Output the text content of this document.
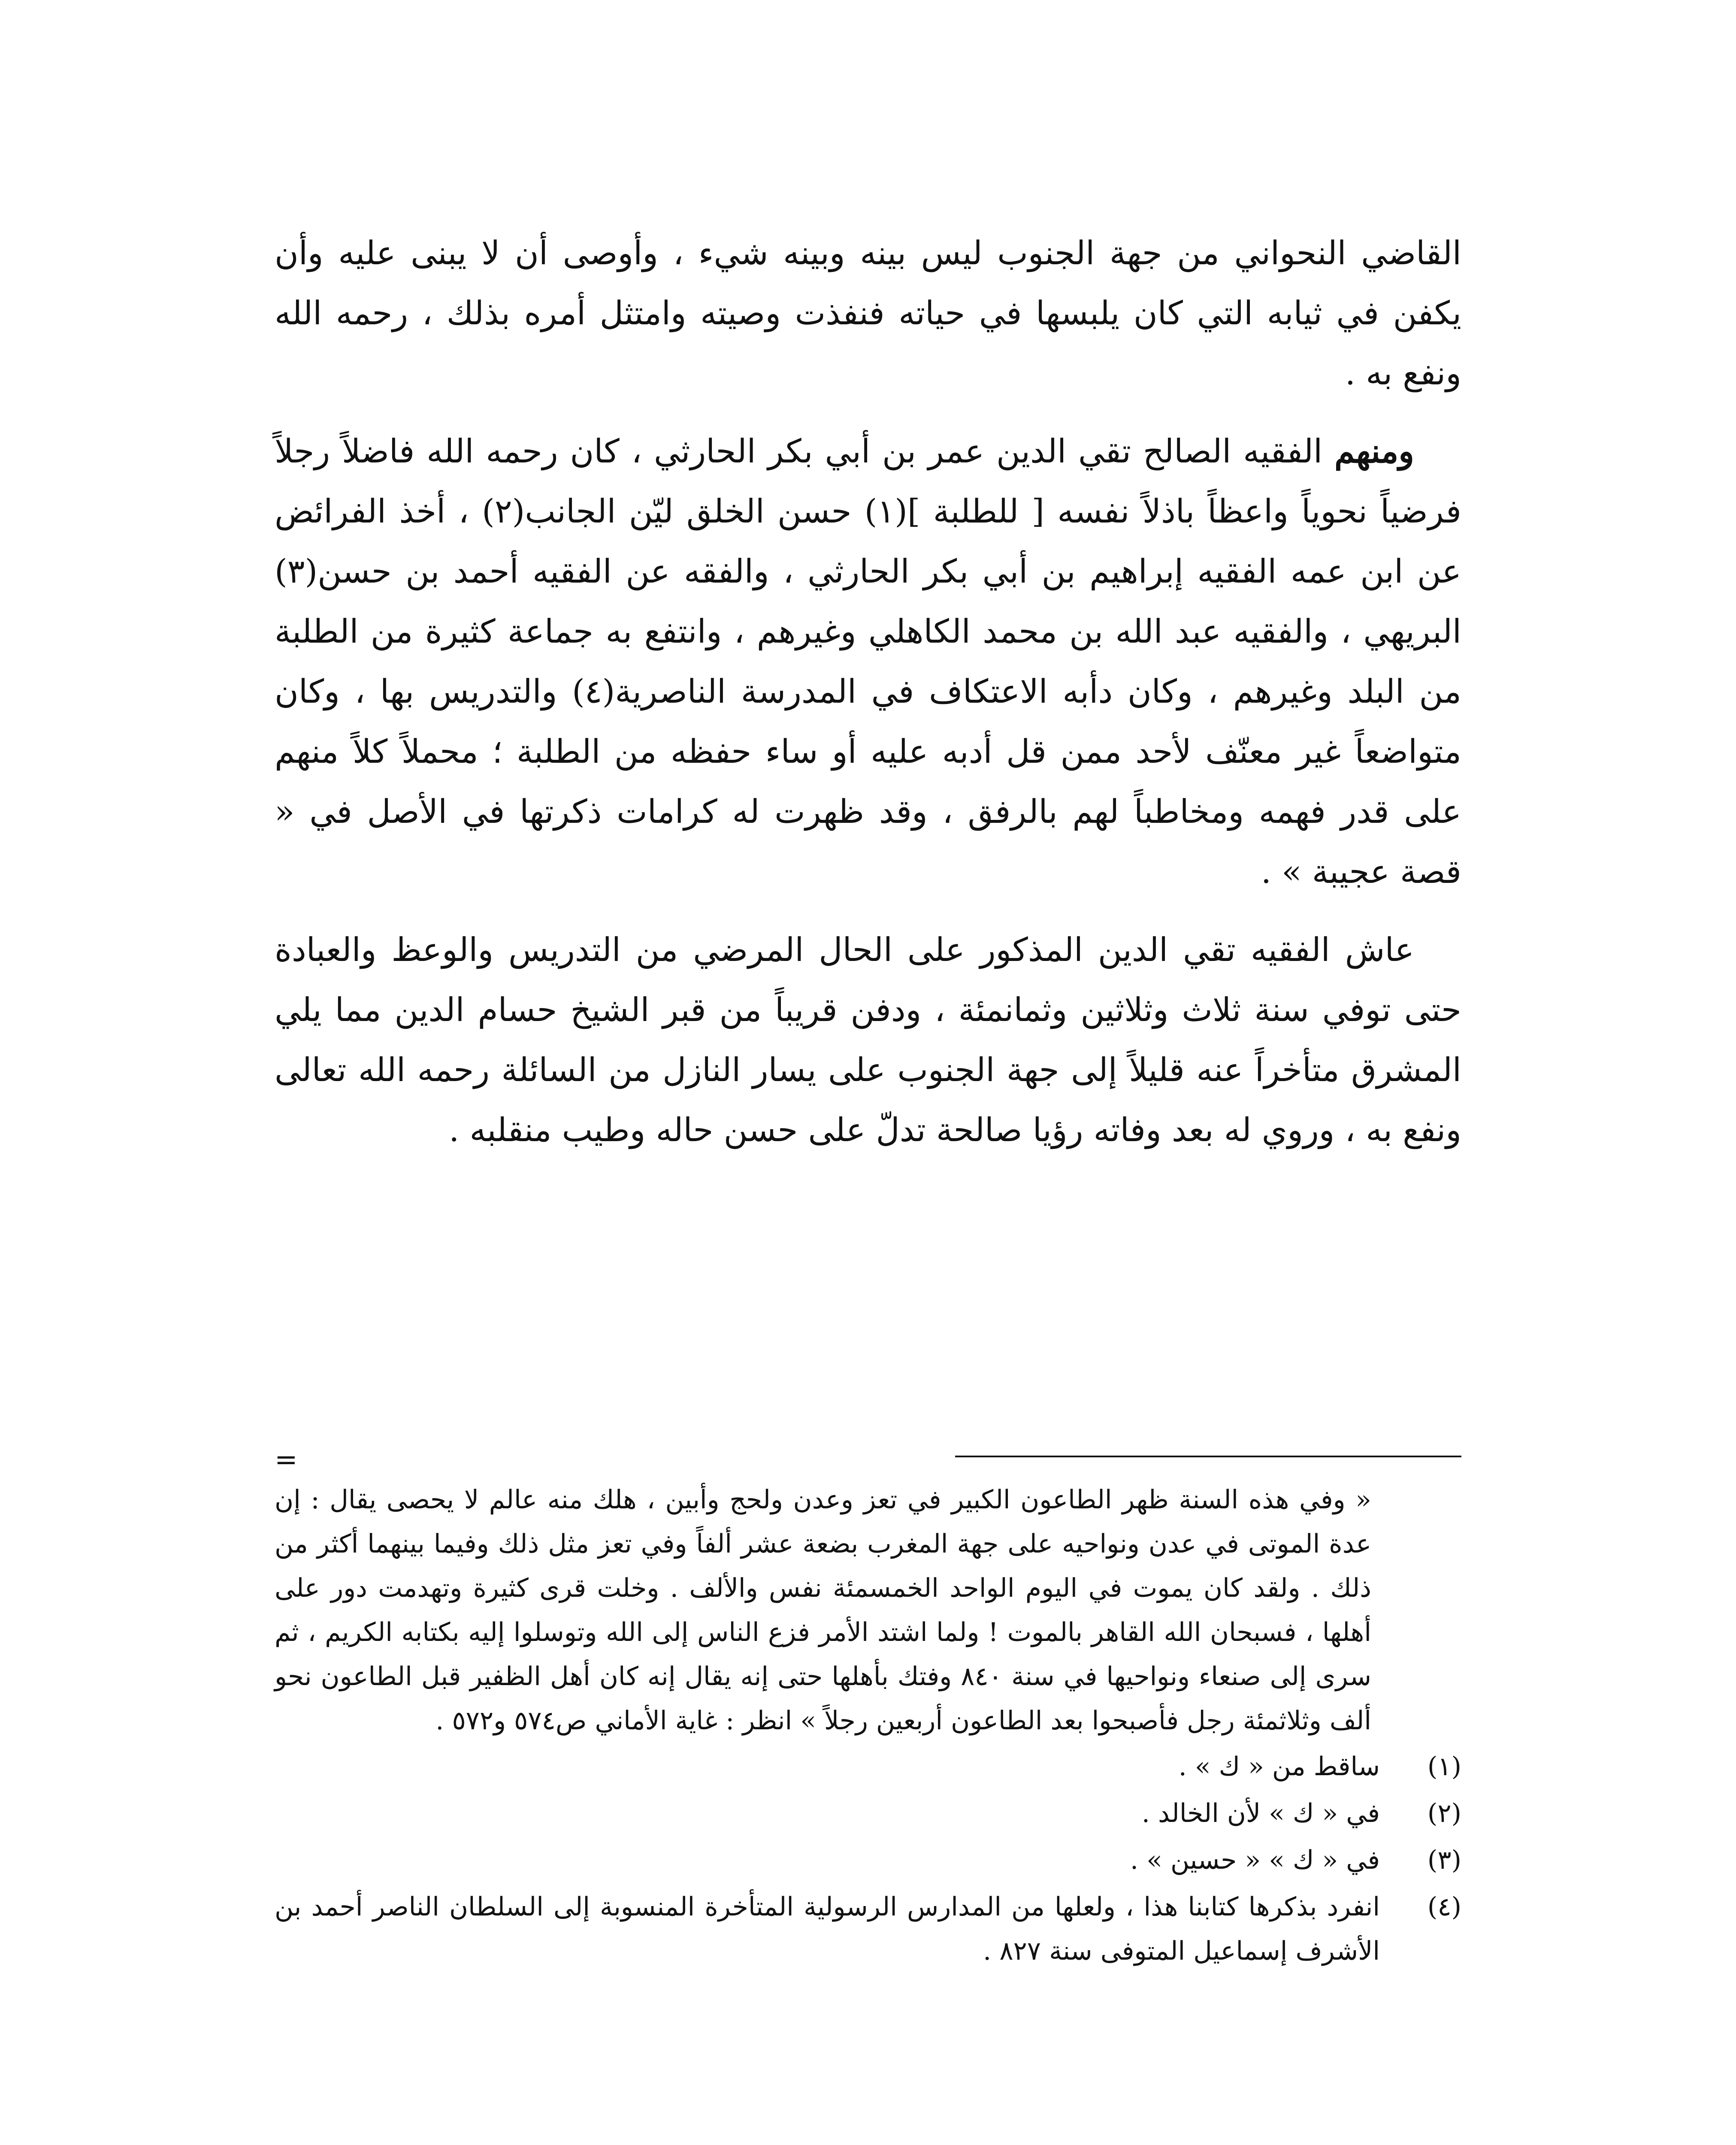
القاضي النحواني من جهة الجنوب ليس بينه وبينه شيء ، وأوصى أن لا يبنى عليه وأن يكفن في ثيابه التي كان يلبسها في حياته فنفذت وصيته وامتثل أمره بذلك ، رحمه الله ونفع به .

ومنهم الفقيه الصالح تقي الدين عمر بن أبي بكر الحارثي ، كان رحمه الله فاضلاً رجلاً فرضياً نحوياً واعظاً باذلاً نفسه [ للطلبة ](١) حسن الخلق ليّن الجانب(٢) ، أخذ الفرائض عن ابن عمه الفقيه إبراهيم بن أبي بكر الحارثي ، والفقه عن الفقيه أحمد بن حسن(٣) البريهي ، والفقيه عبد الله بن محمد الكاهلي وغيرهم ، وانتفع به جماعة كثيرة من الطلبة من البلد وغيرهم ، وكان دأبه الاعتكاف في المدرسة الناصرية(٤) والتدريس بها ، وكان متواضعاً غير معنّف لأحد ممن قل أدبه عليه أو ساء حفظه من الطلبة ؛ محملاً كلاً منهم على قدر فهمه ومخاطباً لهم بالرفق ، وقد ظهرت له كرامات ذكرتها في الأصل في « قصة عجيبة » .

عاش الفقيه تقي الدين المذكور على الحال المرضي من التدريس والوعظ والعبادة حتى توفي سنة ثلاث وثلاثين وثمانمئة ، ودفن قريباً من قبر الشيخ حسام الدين مما يلي المشرق متأخراً عنه قليلاً إلى جهة الجنوب على يسار النازل من السائلة رحمه الله تعالى ونفع به ، وروي له بعد وفاته رؤيا صالحة تدلّ على حسن حاله وطيب منقلبه .

=

« وفي هذه السنة ظهر الطاعون الكبير في تعز وعدن ولحج وأبين ، هلك منه عالم لا يحصى يقال : إن عدة الموتى في عدن ونواحيه على جهة المغرب بضعة عشر ألفاً وفي تعز مثل ذلك وفيما بينهما أكثر من ذلك . ولقد كان يموت في اليوم الواحد الخمسمئة نفس والألف . وخلت قرى كثيرة وتهدمت دور على أهلها ، فسبحان الله القاهر بالموت ! ولما اشتد الأمر فزع الناس إلى الله وتوسلوا إليه بكتابه الكريم ، ثم سرى إلى صنعاء ونواحيها في سنة ٨٤٠ وفتك بأهلها حتى إنه يقال إنه كان أهل الظفير قبل الطاعون نحو ألف وثلاثمئة رجل فأصبحوا بعد الطاعون أربعين رجلاً » انظر : غاية الأماني ص٥٧٤ و٥٧٢ .

(١)
ساقط من « ك » .
(٢)
في « ك » لأن الخالد .
(٣)
في « ك » « حسين » .
(٤)
انفرد بذكرها كتابنا هذا ، ولعلها من المدارس الرسولية المتأخرة المنسوبة إلى السلطان الناصر أحمد بن الأشرف إسماعيل المتوفى سنة ٨٢٧ .
